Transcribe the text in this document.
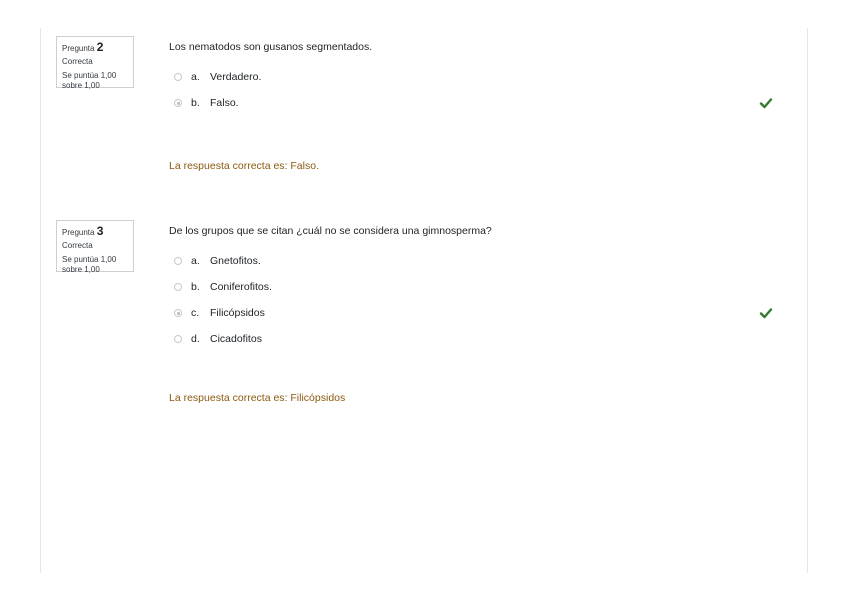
Pregunta 2
Correcta
Se puntúa 1,00
sobre 1,00
Los nematodos son gusanos segmentados.
a. Verdadero.
b. Falso.
La respuesta correcta es: Falso.
Pregunta 3
Correcta
Se puntúa 1,00
sobre 1,00
De los grupos que se citan ¿cuál no se considera una gimnosperma?
a. Gnetofitos.
b. Coniferofitos.
c.	Filicópsidos
d. Cicadofitos
La respuesta correcta es: Filicópsidos
